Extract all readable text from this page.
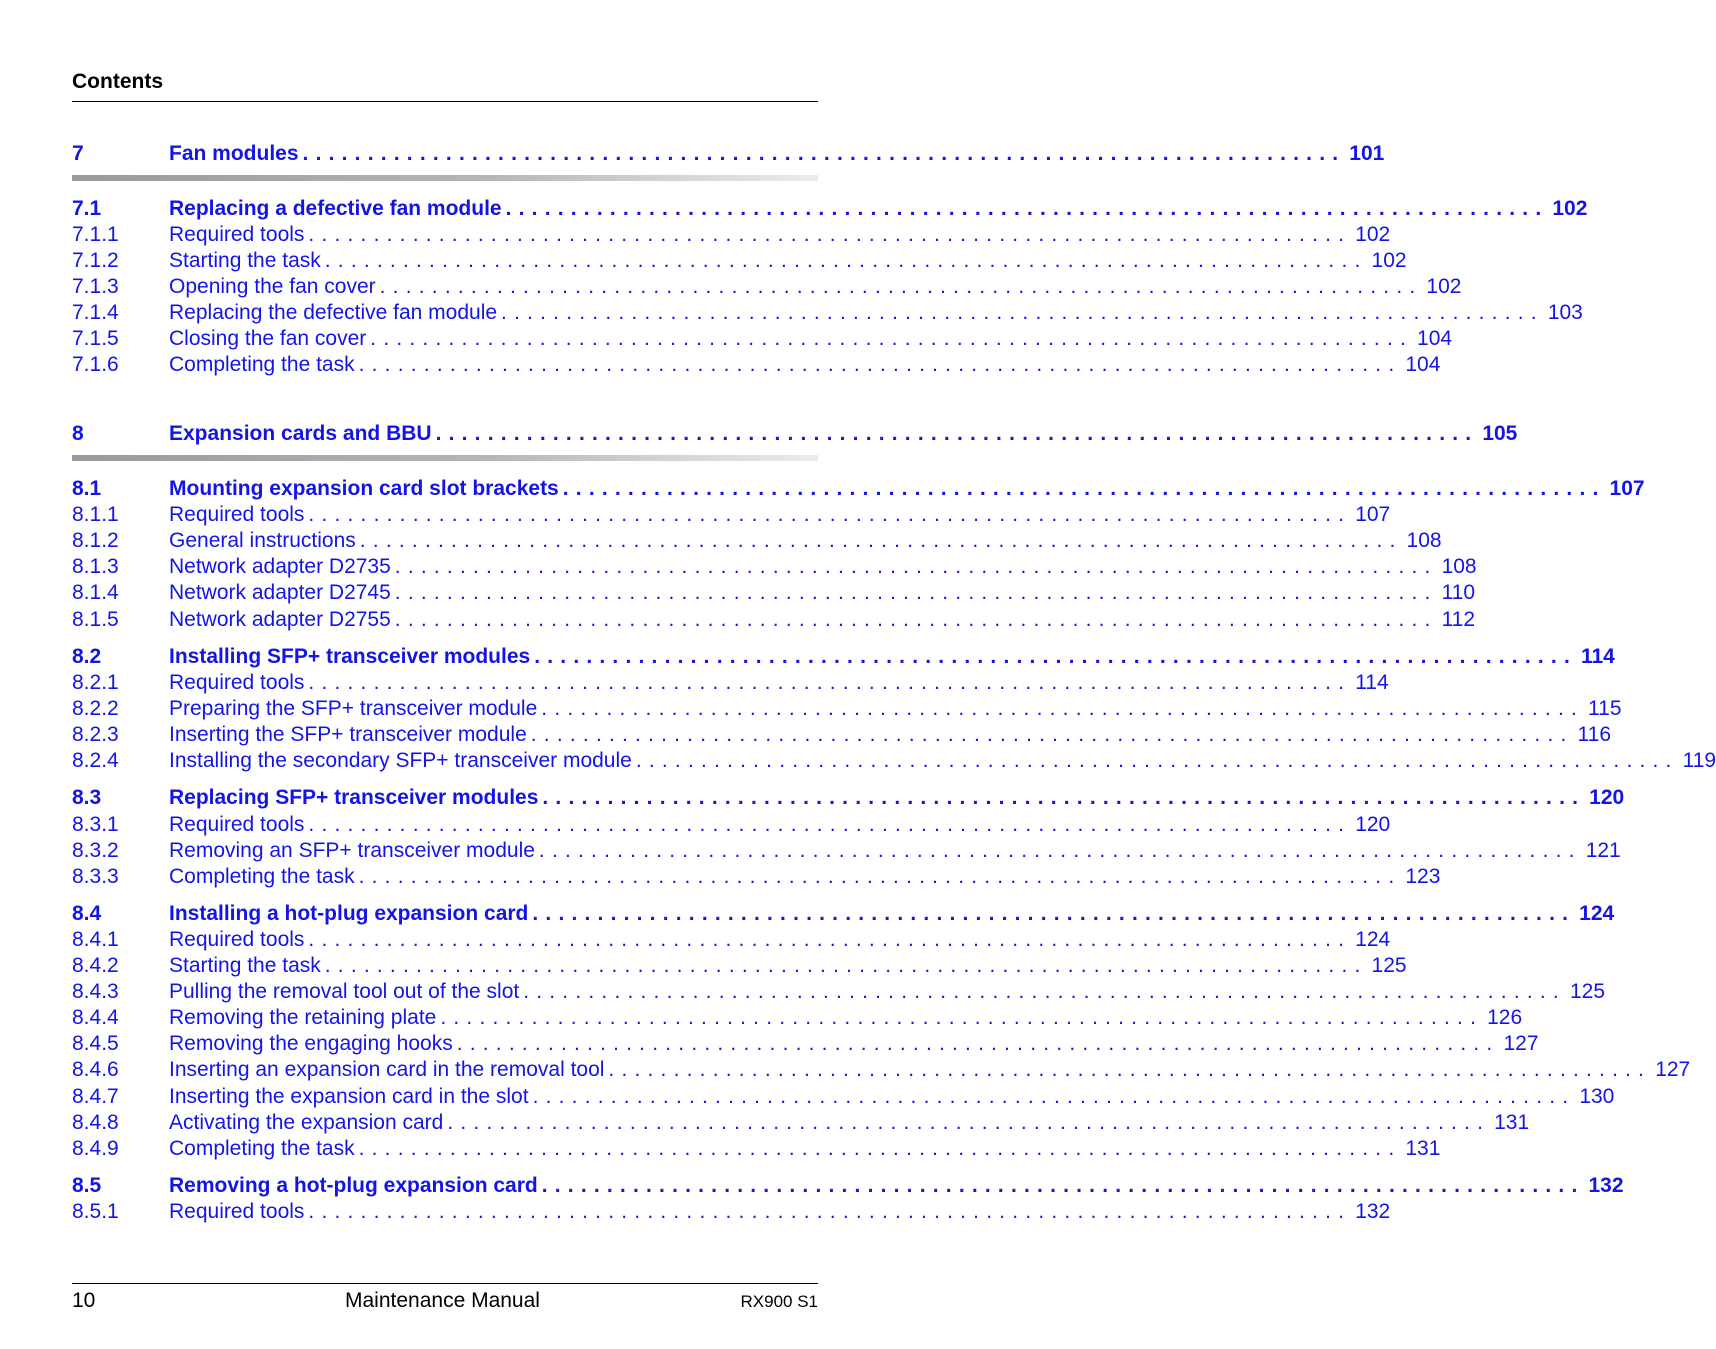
Contents
7	Fan modules ................................................................................ 101
7.1	Replacing a defective fan module ................................................................................ 102
7.1.1	Required tools ................................................................................ 102
7.1.2	Starting the task ................................................................................ 102
7.1.3	Opening the fan cover ................................................................................ 102
7.1.4	Replacing the defective fan module ................................................................................ 103
7.1.5	Closing the fan cover ................................................................................ 104
7.1.6	Completing the task ................................................................................ 104
8	Expansion cards and BBU ................................................................................ 105
8.1	Mounting expansion card slot brackets ................................................................................ 107
8.1.1	Required tools ................................................................................ 107
8.1.2	General instructions ................................................................................ 108
8.1.3	Network adapter D2735 ................................................................................ 108
8.1.4	Network adapter D2745 ................................................................................ 110
8.1.5	Network adapter D2755 ................................................................................ 112
8.2	Installing SFP+ transceiver modules ................................................................................ 114
8.2.1	Required tools ................................................................................ 114
8.2.2	Preparing the SFP+ transceiver module ................................................................................ 115
8.2.3	Inserting the SFP+ transceiver module ................................................................................ 116
8.2.4	Installing the secondary SFP+ transceiver module ................................................................................ 119
8.3	Replacing SFP+ transceiver modules ................................................................................ 120
8.3.1	Required tools ................................................................................ 120
8.3.2	Removing an SFP+ transceiver module ................................................................................ 121
8.3.3	Completing the task ................................................................................ 123
8.4	Installing a hot-plug expansion card ................................................................................ 124
8.4.1	Required tools ................................................................................ 124
8.4.2	Starting the task ................................................................................ 125
8.4.3	Pulling the removal tool out of the slot ................................................................................ 125
8.4.4	Removing the retaining plate ................................................................................ 126
8.4.5	Removing the engaging hooks ................................................................................ 127
8.4.6	Inserting an expansion card in the removal tool ................................................................................ 127
8.4.7	Inserting the expansion card in the slot ................................................................................ 130
8.4.8	Activating the expansion card ................................................................................ 131
8.4.9	Completing the task ................................................................................ 131
8.5	Removing a hot-plug expansion card ................................................................................ 132
8.5.1	Required tools ................................................................................ 132
10	Maintenance Manual	RX900 S1
